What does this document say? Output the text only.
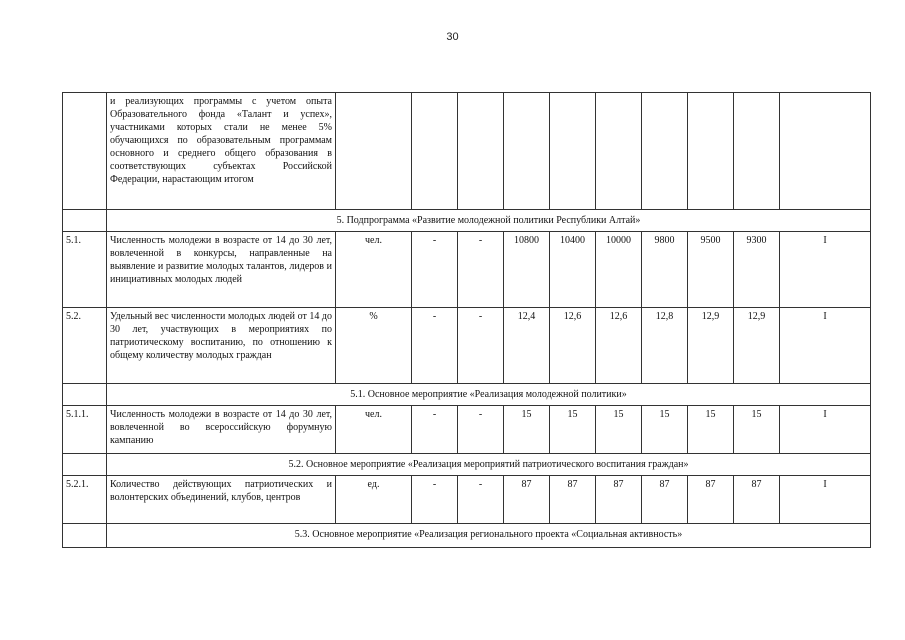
30
	и реализующих программы с учетом опыта Образовательного фонда «Талант и успех», участниками которых стали не менее 5% обучающихся по образовательным программам основного и среднего общего образования в соответствующих субъектах Российской Федерации, нарастающим итогом										
	5. Подпрограмма «Развитие молодежной политики Республики Алтай»										
5.1.	Численность молодежи в возрасте от 14 до 30 лет, вовлеченной в конкурсы, направленные на выявление и развитие молодых талантов, лидеров и инициативных молодых людей	чел.	-	-	10800	10400	10000	9800	9500	9300	I
5.2.	Удельный вес численности молодых людей от 14 до 30 лет, участвующих в мероприятиях по патриотическому воспитанию, по отношению к общему количеству молодых граждан	%	-	-	12,4	12,6	12,6	12,8	12,9	12,9	I
	5.1. Основное мероприятие «Реализация молодежной политики»										
5.1.1.	Численность молодежи в возрасте от 14 до 30 лет, вовлеченной во всероссийскую форумную кампанию	чел.	-	-	15	15	15	15	15	15	I
	5.2. Основное мероприятие «Реализация мероприятий патриотического воспитания граждан»										
5.2.1.	Количество действующих патриотических и волонтерских объединений, клубов, центров	ед.	-	-	87	87	87	87	87	87	I
	5.3. Основное мероприятие «Реализация регионального проекта «Социальная активность»										
